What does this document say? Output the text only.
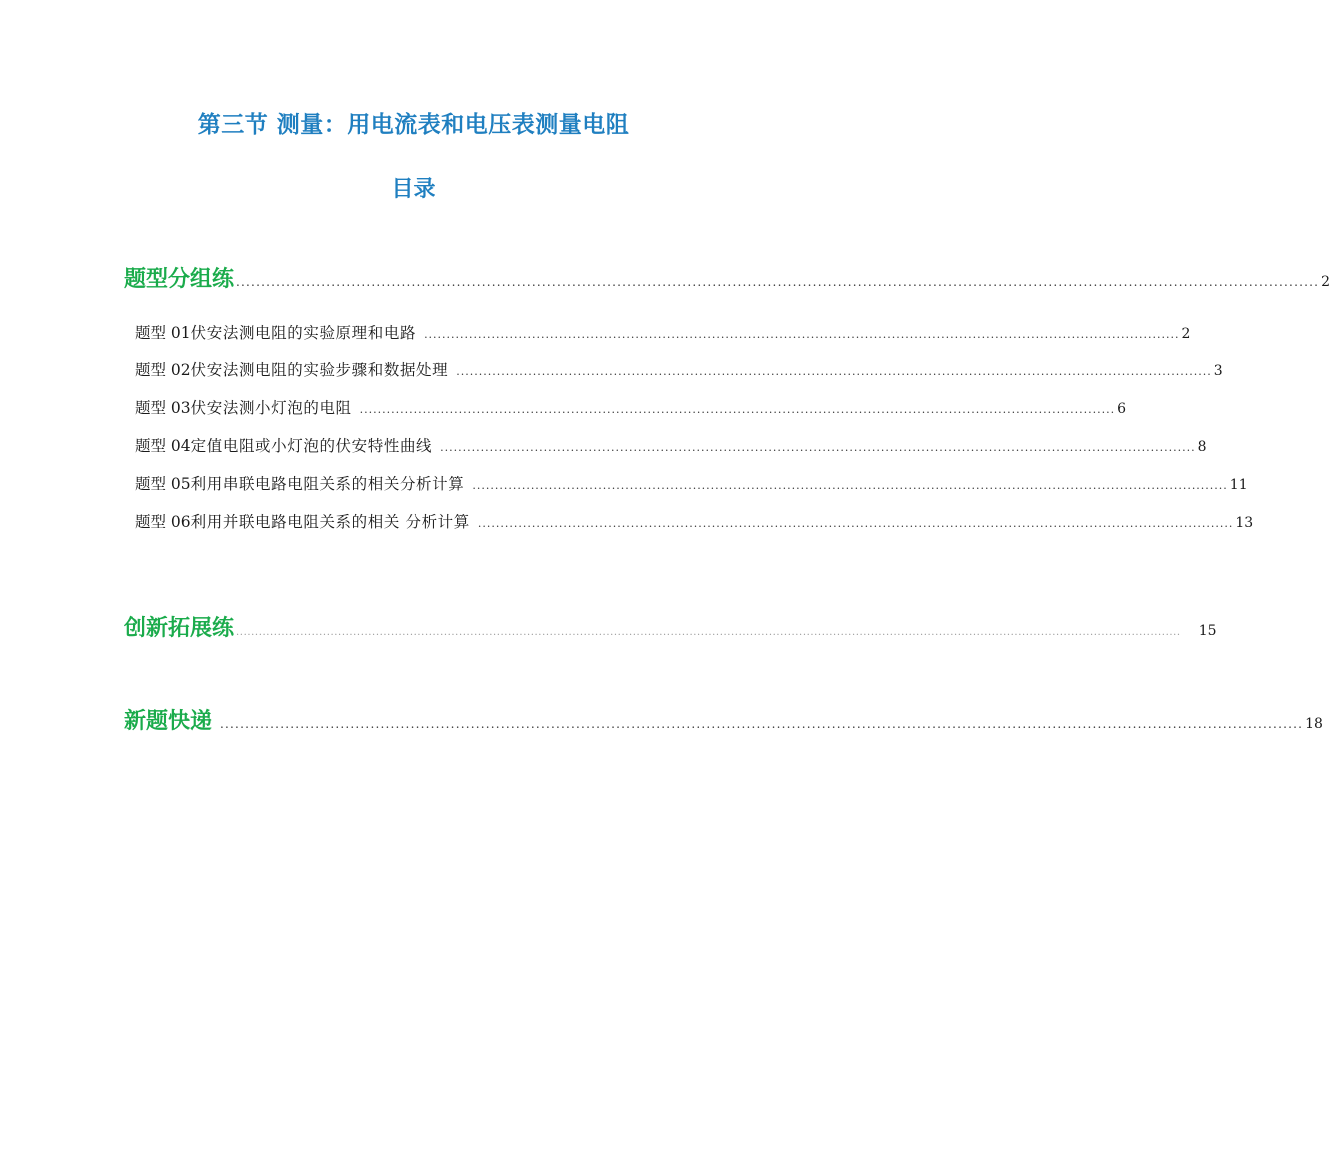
第三节 测量：用电流表和电压表测量电阻
目录
题型分组练 ........................................................................................................................................................................................................................ 2
题型 01 伏安法测电阻的实验原理和电路 ........................................................................................................................................................................ 2
题型 02 伏安法测电阻的实验步骤和数据处理 ........................................................................................................................................................................ 3
题型 03 伏安法测小灯泡的电阻 ........................................................................................................................................................................ 6
题型 04 定值电阻或小灯泡的伏安特性曲线 ........................................................................................................................................................................ 8
题型 05 利用串联电路电阻关系的相关分析计算 ........................................................................................................................................................................ 11
题型 06 利用并联电路电阻关系的相关 分析计算 ........................................................................................................................................................................ 13
创新拓展练 .......................................................................................................................................................................................................................................................... 15
新题快递 ........................................................................................................................................................................................................................ 18
